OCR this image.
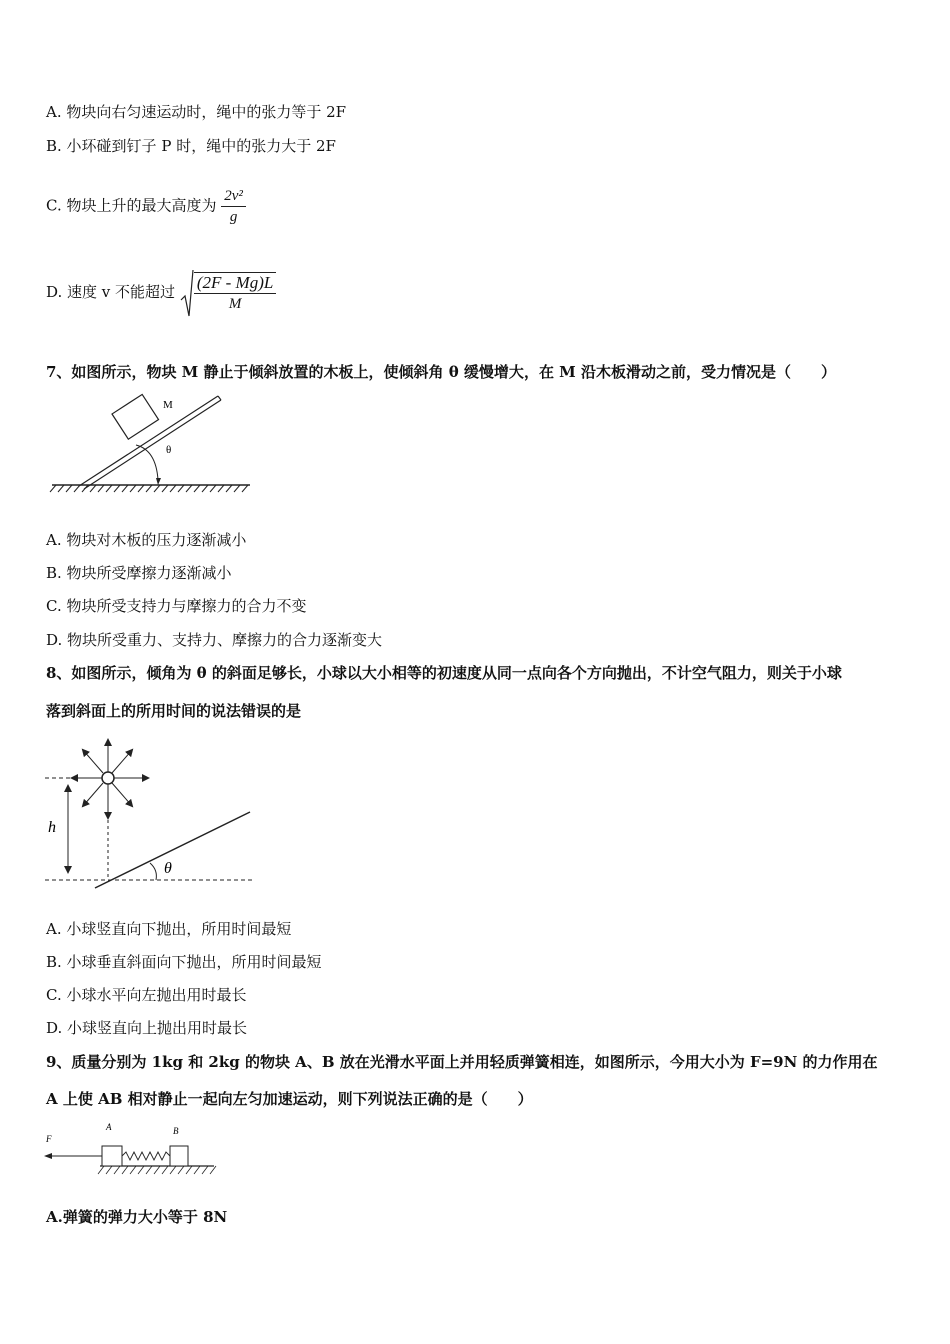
A. 物块向右匀速运动时，绳中的张力等于 2F
B. 小环碰到钉子 P 时，绳中的张力大于 2F
C. 物块上升的最大高度为 $\frac{\text{2v²}}{g}$
D. 速度 v 不能超过 $\frac{(2F - Mg)L}{M}$
7、如图所示，物块 M 静止于倾斜放置的木板上，使倾斜角 θ 缓慢增大，在 M 沿木板滑动之前，受力情况是（　　）
M
θ
A. 物块对木板的压力逐渐减小
B. 物块所受摩擦力逐渐减小
C. 物块所受支持力与摩擦力的合力不变
D. 物块所受重力、支持力、摩擦力的合力逐渐变大
8、如图所示，倾角为 θ 的斜面足够长，小球以大小相等的初速度从同一点向各个方向抛出，不计空气阻力，则关于小球
落到斜面上的所用时间的说法错误的是
h
θ
A. 小球竖直向下抛出，所用时间最短
B. 小球垂直斜面向下抛出，所用时间最短
C. 小球水平向左抛出用时最长
D. 小球竖直向上抛出用时最长
9、质量分别为 1kg 和 2kg 的物块 A、B 放在光滑水平面上并用轻质弹簧相连，如图所示，今用大小为 F=9N 的力作用在
A 上使 AB 相对静止一起向左匀加速运动，则下列说法正确的是（　　）
F
A	B
A.弹簧的弹力大小等于 8N
